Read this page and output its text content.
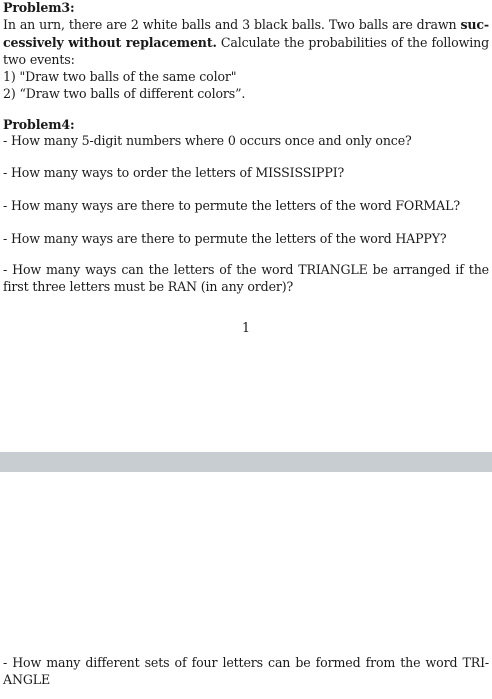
Problem3:
In an urn, there are 2 white balls and 3 black balls. Two balls are drawn suc-
cessively without replacement. Calculate the probabilities of the following
two events:
1) "Draw two balls of the same color"
2) “Draw two balls of different colors”.
Problem4:
- How many 5-digit numbers where 0 occurs once and only once?
- How many ways to order the letters of MISSISSIPPI?
- How many ways are there to permute the letters of the word FORMAL?
- How many ways are there to permute the letters of the word HAPPY?
- How many ways can the letters of the word TRIANGLE be arranged if the
first three letters must be RAN (in any order)?
1
- How many different sets of four letters can be formed from the word TRI-
ANGLE
